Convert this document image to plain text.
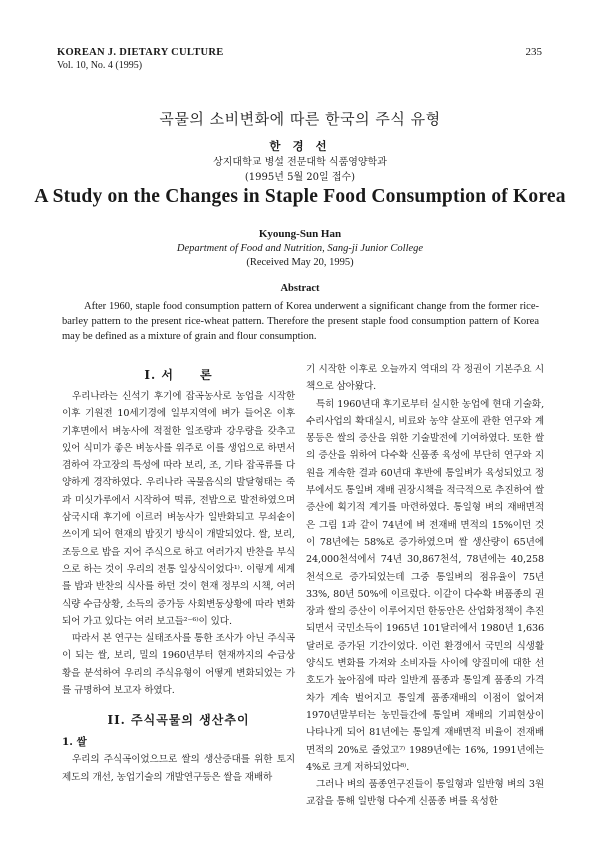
KOREAN J. DIETARY CULTURE
Vol. 10, No. 4 (1995)
235
곡물의 소비변화에 따른 한국의 주식 유형
한 경 선
상지대학교 병설 전문대학 식품영양학과
(1995년 5월 20일 접수)
A Study on the Changes in Staple Food Consumption of Korea
Kyoung-Sun Han
Department of Food and Nutrition, Sang-ji Junior College
(Received May 20, 1995)
Abstract

After 1960, staple food consumption pattern of Korea underwent a significant change from the former rice-barley pattern to the present rice-wheat pattern. Therefore the present staple food consumption pattern of Korea may be defined as a mixture of grain and flour consumption.

I. 서　　론

우리나라는 신석기 후기에 잡곡농사로 농업을 시작한 이후 기원전 10세기경에 일부지역에 벼가 들어온 이후 기후면에서 벼농사에 적절한 일조량과 강우량을 갖추고 있어 식미가 좋은 벼농사를 위주로 이를 생업으로 하면서 겸하여 각고장의 특성에 따라 보리, 조, 기타 잡곡류를 다양하게 경작하였다. 우리나라 곡물음식의 발달형태는 죽과 미싯가루에서 시작하여 떡류, 전밥으로 발전하였으며 삼국시대 후기에 이르러 벼농사가 일반화되고 무쇠솥이 쓰이게 되어 현재의 밥짓기 방식이 개발되었다. 쌀, 보리, 조등으로 밥을 지어 주식으로 하고 여러가지 반찬을 부식으로 하는 것이 우리의 전통 일상식이었다¹⁾. 이렇게 세계를 밥과 반찬의 식사를 하던 것이 현재 정부의 시책, 여러 식량 수급상황, 소득의 증가등 사회변동상황에 따라 변화되어 가고 있다는 여러 보고들²⁻⁶⁾이 있다.

따라서 본 연구는 실태조사를 통한 조사가 아닌 주식곡이 되는 쌀, 보리, 밀의 1960년부터 현재까지의 수급상황을 분석하여 우리의 주식유형이 어떻게 변화되었는 가를 규명하여 보고자 하였다.

II. 주식곡물의 생산추이
1. 쌀

우리의 주식곡이었으므로 쌀의 생산증대를 위한 토지제도의 개선, 농업기술의 개발연구등은 쌀을 재배하

기 시작한 이후로 오늘까지 역대의 각 정권이 기본주요 시책으로 삼아왔다.

특히 1960년대 후기로부터 실시한 농업에 현대 기술화, 수리사업의 확대실시, 비료와 농약 살포에 관한 연구와 계몽등은 쌀의 증산을 위한 기술발전에 기여하였다. 또한 쌀의 증산을 위하여 다수확 신품종 육성에 부단히 연구와 지원을 계속한 결과 60년대 후반에 통일벼가 육성되었고 정부에서도 통일벼 재배 권장시책을 적극적으로 추진하여 쌀증산에 획기적 계기를 마련하였다. 통일형 벼의 재배면적은 그림 1과 같이 74년에 벼 전재배 면적의 15%이던 것이 78년에는 58%로 증가하였으며 쌀 생산량이 65년에 24,000천석에서 74년 30,867천석, 78년에는 40,258천석으로 증가되었는데 그중 통일벼의 점유율이 75년 33%, 80년 50%에 이르렀다. 이같이 다수확 벼품종의 권장과 쌀의 증산이 이루어지던 한동안은 산업화정책이 추진되면서 국민소득이 1965년 101달러에서 1980년 1,636달러로 증가된 기간이었다. 이런 환경에서 국민의 식생활양식도 변화를 가져와 소비자들 사이에 양질미에 대한 선호도가 높아짐에 따라 일반계 품종과 통일계 품종의 가격차가 계속 벌어지고 통일계 품종재배의 이점이 없어져 1970년말부터는 농민들간에 통일벼 재배의 기피현상이 나타나게 되어 81년에는 통일계 재배면적 비율이 전재배면적의 20%로 줄었고⁷⁾ 1989년에는 16%, 1991년에는 4%로 크게 저하되었다⁸⁾.

그러나 벼의 품종연구진들이 통일형과 일반형 벼의 3원교잡을 통해 일반형 다수계 신품종 벼를 육성한
